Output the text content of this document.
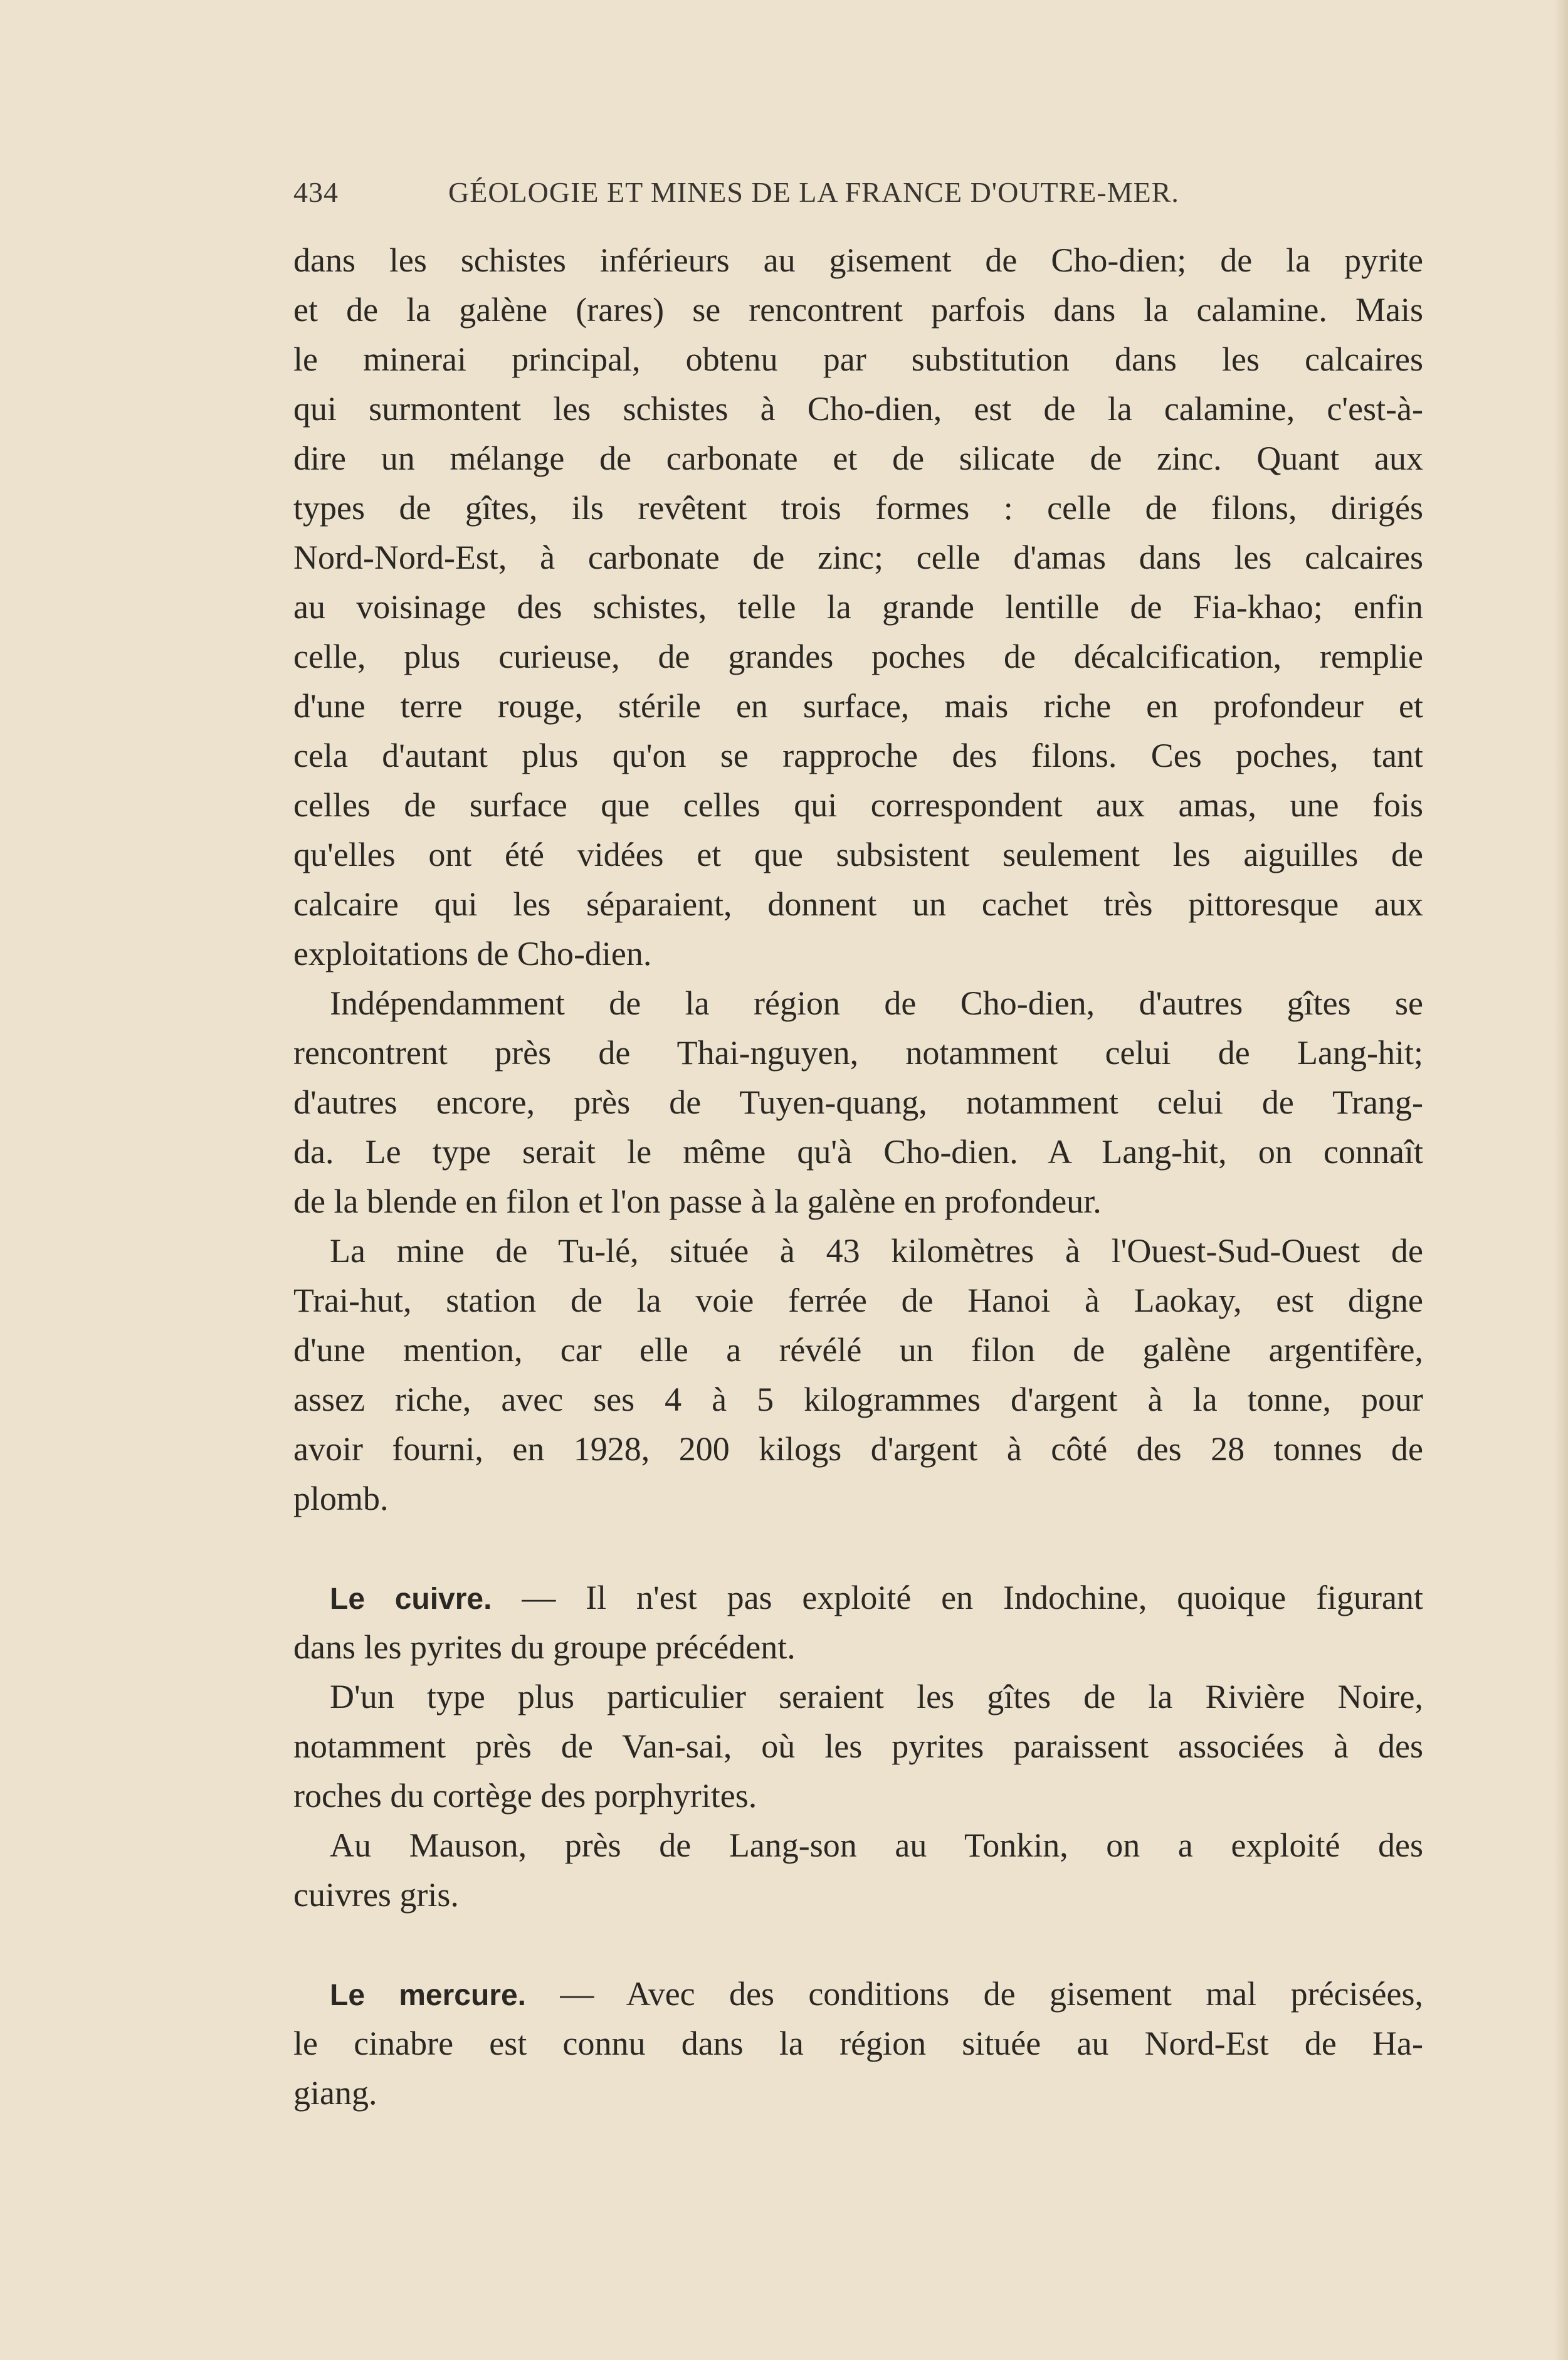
434	GÉOLOGIE ET MINES DE LA FRANCE D'OUTRE-MER.
dans les schistes inférieurs au gisement de Cho-dien; de la pyrite
et de la galène (rares) se rencontrent parfois dans la calamine. Mais
le minerai principal, obtenu par substitution dans les calcaires
qui surmontent les schistes à Cho-dien, est de la calamine, c'est-à-
dire un mélange de carbonate et de silicate de zinc. Quant aux
types de gîtes, ils revêtent trois formes : celle de filons, dirigés
Nord-Nord-Est, à carbonate de zinc; celle d'amas dans les calcaires
au voisinage des schistes, telle la grande lentille de Fia-khao; enfin
celle, plus curieuse, de grandes poches de décalcification, remplie
d'une terre rouge, stérile en surface, mais riche en profondeur et
cela d'autant plus qu'on se rapproche des filons. Ces poches, tant
celles de surface que celles qui correspondent aux amas, une fois
qu'elles ont été vidées et que subsistent seulement les aiguilles de
calcaire qui les séparaient, donnent un cachet très pittoresque aux
exploitations de Cho-dien.
Indépendamment de la région de Cho-dien, d'autres gîtes se
rencontrent près de Thai-nguyen, notamment celui de Lang-hit;
d'autres encore, près de Tuyen-quang, notamment celui de Trang-
da. Le type serait le même qu'à Cho-dien. A Lang-hit, on connaît
de la blende en filon et l'on passe à la galène en profondeur.
La mine de Tu-lé, située à 43 kilomètres à l'Ouest-Sud-Ouest de
Trai-hut, station de la voie ferrée de Hanoi à Laokay, est digne
d'une mention, car elle a révélé un filon de galène argentifère,
assez riche, avec ses 4 à 5 kilogrammes d'argent à la tonne, pour
avoir fourni, en 1928, 200 kilogs d'argent à côté des 28 tonnes de
plomb.
Le cuivre. — Il n'est pas exploité en Indochine, quoique figurant
dans les pyrites du groupe précédent.
D'un type plus particulier seraient les gîtes de la Rivière Noire,
notamment près de Van-sai, où les pyrites paraissent associées à des
roches du cortège des porphyrites.
Au Mauson, près de Lang-son au Tonkin, on a exploité des
cuivres gris.
Le mercure. — Avec des conditions de gisement mal précisées,
le cinabre est connu dans la région située au Nord-Est de Ha-
giang.
